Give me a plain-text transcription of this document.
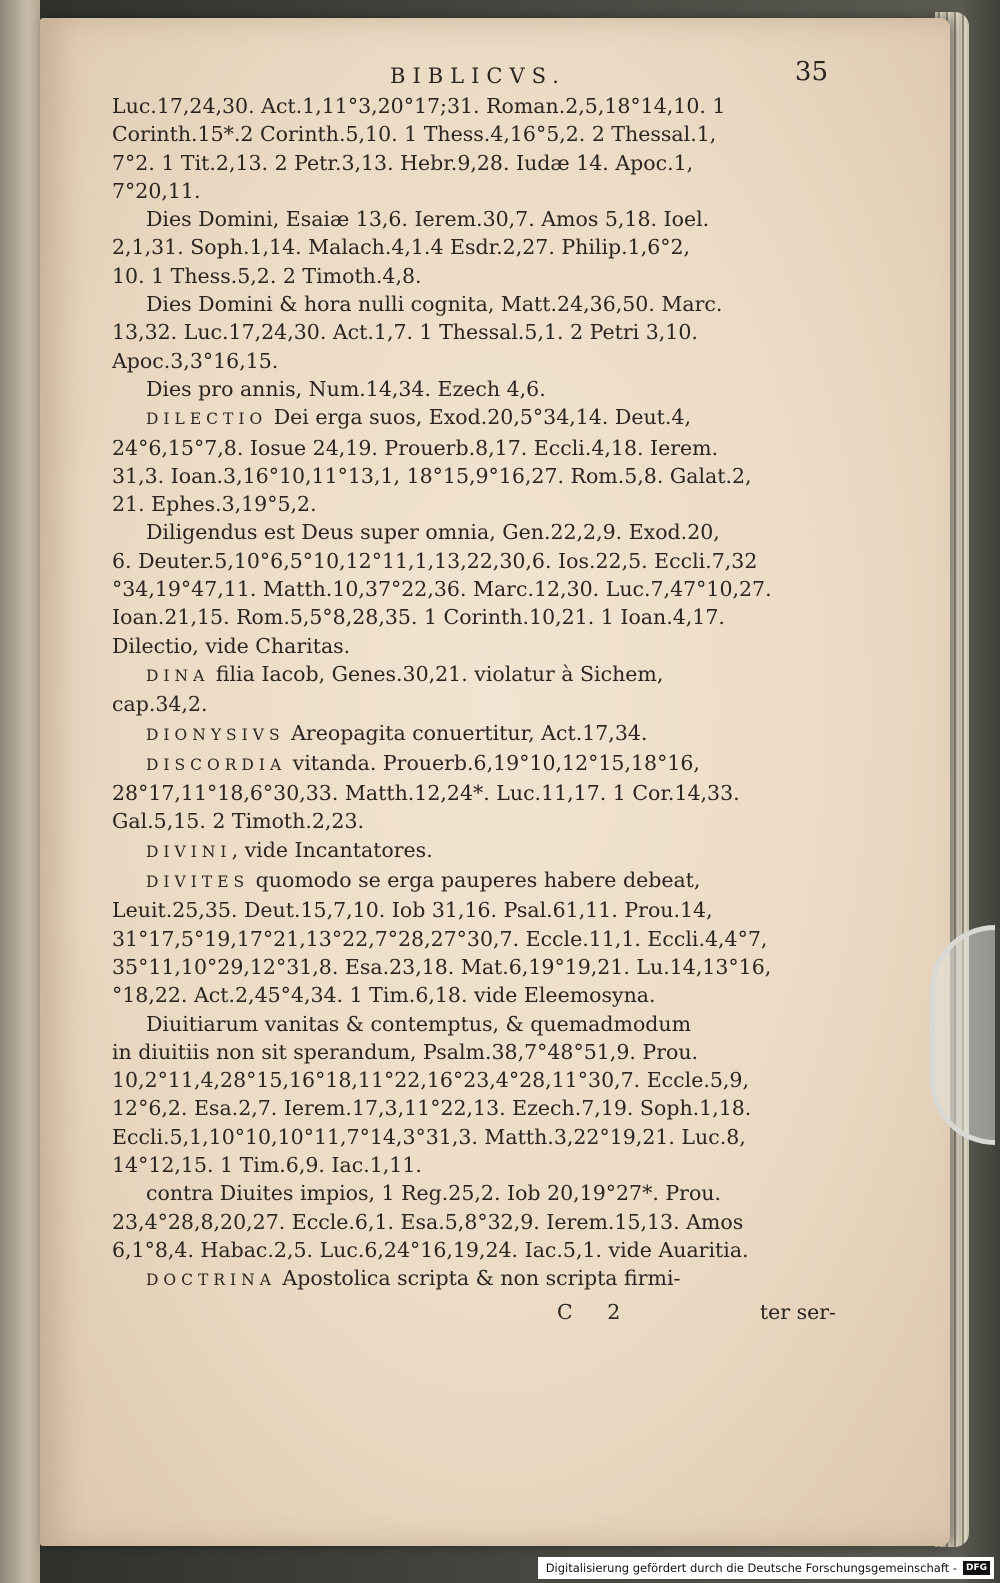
BIBLICVS.	35
Luc.17,24,30. Act.1,11°3,20°17;31. Roman.2,5,18°14,10. 1
Corinth.15*.2 Corinth.5,10. 1 Thess.4,16°5,2. 2 Thessal.1,
7°2. 1 Tit.2,13. 2 Petr.3,13. Hebr.9,28. Iudæ 14. Apoc.1,
7°20,11.
Dies Domini, Esaiæ 13,6. Ierem.30,7. Amos 5,18. Ioel.
2,1,31. Soph.1,14. Malach.4,1.4 Esdr.2,27. Philip.1,6°2,
10. 1 Thess.5,2. 2 Timoth.4,8.
Dies Domini & hora nulli cognita, Matt.24,36,50. Marc.
13,32. Luc.17,24,30. Act.1,7. 1 Thessal.5,1. 2 Petri 3,10.
Apoc.3,3°16,15.
Dies pro annis, Num.14,34. Ezech 4,6.
DILECTIO Dei erga suos, Exod.20,5°34,14. Deut.4,
24°6,15°7,8. Iosue 24,19. Prouerb.8,17. Eccli.4,18. Ierem.
31,3. Ioan.3,16°10,11°13,1, 18°15,9°16,27. Rom.5,8. Galat.2,
21. Ephes.3,19°5,2.
Diligendus est Deus super omnia, Gen.22,2,9. Exod.20,
6. Deuter.5,10°6,5°10,12°11,1,13,22,30,6. Ios.22,5. Eccli.7,32
°34,19°47,11. Matth.10,37°22,36. Marc.12,30. Luc.7,47°10,27.
Ioan.21,15. Rom.5,5°8,28,35. 1 Corinth.10,21. 1 Ioan.4,17.
Dilectio, vide Charitas.
DINA filia Iacob, Genes.30,21. violatur à Sichem,
cap.34,2.
DIONYSIVS Areopagita conuertitur, Act.17,34.
DISCORDIA vitanda. Prouerb.6,19°10,12°15,18°16,
28°17,11°18,6°30,33. Matth.12,24*. Luc.11,17. 1 Cor.14,33.
Gal.5,15. 2 Timoth.2,23.
DIVINI, vide Incantatores.
DIVITES quomodo se erga pauperes habere debeat,
Leuit.25,35. Deut.15,7,10. Iob 31,16. Psal.61,11. Prou.14,
31°17,5°19,17°21,13°22,7°28,27°30,7. Eccle.11,1. Eccli.4,4°7,
35°11,10°29,12°31,8. Esa.23,18. Mat.6,19°19,21. Lu.14,13°16,
°18,22. Act.2,45°4,34. 1 Tim.6,18. vide Eleemosyna.
Diuitiarum vanitas & contemptus, & quemadmodum
in diuitiis non sit sperandum, Psalm.38,7°48°51,9. Prou.
10,2°11,4,28°15,16°18,11°22,16°23,4°28,11°30,7. Eccle.5,9,
12°6,2. Esa.2,7. Ierem.17,3,11°22,13. Ezech.7,19. Soph.1,18.
Eccli.5,1,10°10,10°11,7°14,3°31,3. Matth.3,22°19,21. Luc.8,
14°12,15. 1 Tim.6,9. Iac.1,11.
contra Diuites impios, 1 Reg.25,2. Iob 20,19°27*. Prou.
23,4°28,8,20,27. Eccle.6,1. Esa.5,8°32,9. Ierem.15,13. Amos
6,1°8,4. Habac.2,5. Luc.6,24°16,19,24. Iac.5,1. vide Auaritia.
DOCTRINA Apostolica scripta & non scripta firmi-
C 2	ter ser-
Digitalisierung gefördert durch die Deutsche Forschungsgemeinschaft -	DFG
